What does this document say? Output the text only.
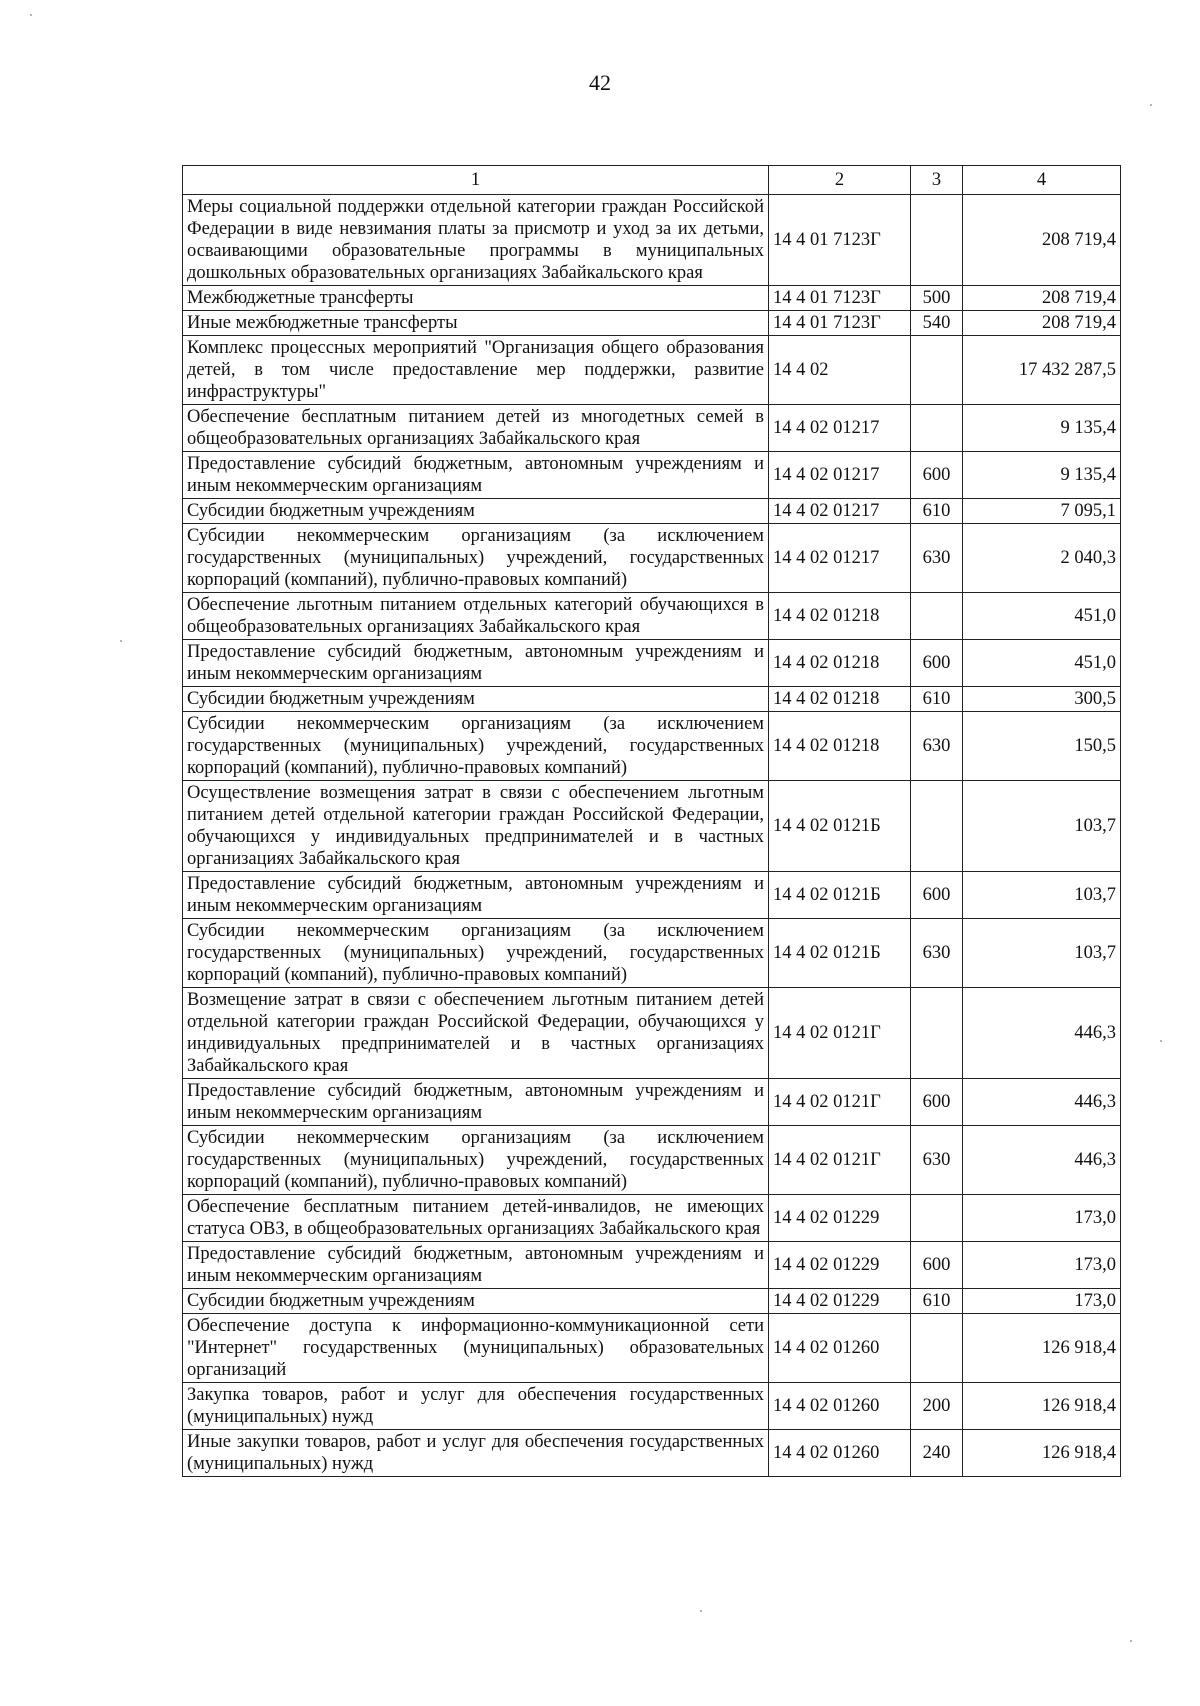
42
1	2	3	4
Меры социальной поддержки отдельной категории граждан Российской Федерации в виде невзимания платы за присмотр и уход за их детьми, осваивающими образовательные программы в муниципальных дошкольных образовательных организациях Забайкальского края	14 4 01 7123Г		208 719,4
Межбюджетные трансферты	14 4 01 7123Г	500	208 719,4
Иные межбюджетные трансферты	14 4 01 7123Г	540	208 719,4
Комплекс процессных мероприятий "Организация общего образования детей, в том числе предоставление мер поддержки, развитие инфраструктуры"	14 4 02		17 432 287,5
Обеспечение бесплатным питанием детей из многодетных семей в общеобразовательных организациях Забайкальского края	14 4 02 01217		9 135,4
Предоставление субсидий бюджетным, автономным учреждениям и иным некоммерческим организациям	14 4 02 01217	600	9 135,4
Субсидии бюджетным учреждениям	14 4 02 01217	610	7 095,1
Субсидии некоммерческим организациям (за исключением государственных (муниципальных) учреждений, государственных корпораций (компаний), публично-правовых компаний)	14 4 02 01217	630	2 040,3
Обеспечение льготным питанием отдельных категорий обучающихся в общеобразовательных организациях Забайкальского края	14 4 02 01218		451,0
Предоставление субсидий бюджетным, автономным учреждениям и иным некоммерческим организациям	14 4 02 01218	600	451,0
Субсидии бюджетным учреждениям	14 4 02 01218	610	300,5
Субсидии некоммерческим организациям (за исключением государственных (муниципальных) учреждений, государственных корпораций (компаний), публично-правовых компаний)	14 4 02 01218	630	150,5
Осуществление возмещения затрат в связи с обеспечением льготным питанием детей отдельной категории граждан Российской Федерации, обучающихся у индивидуальных предпринимателей и в частных организациях Забайкальского края	14 4 02 0121Б		103,7
Предоставление субсидий бюджетным, автономным учреждениям и иным некоммерческим организациям	14 4 02 0121Б	600	103,7
Субсидии некоммерческим организациям (за исключением государственных (муниципальных) учреждений, государственных корпораций (компаний), публично-правовых компаний)	14 4 02 0121Б	630	103,7
Возмещение затрат в связи с обеспечением льготным питанием детей отдельной категории граждан Российской Федерации, обучающихся у индивидуальных предпринимателей и в частных организациях Забайкальского края	14 4 02 0121Г		446,3
Предоставление субсидий бюджетным, автономным учреждениям и иным некоммерческим организациям	14 4 02 0121Г	600	446,3
Субсидии некоммерческим организациям (за исключением государственных (муниципальных) учреждений, государственных корпораций (компаний), публично-правовых компаний)	14 4 02 0121Г	630	446,3
Обеспечение бесплатным питанием детей-инвалидов, не имеющих статуса ОВЗ, в общеобразовательных организациях Забайкальского края	14 4 02 01229		173,0
Предоставление субсидий бюджетным, автономным учреждениям и иным некоммерческим организациям	14 4 02 01229	600	173,0
Субсидии бюджетным учреждениям	14 4 02 01229	610	173,0
Обеспечение доступа к информационно-коммуникационной сети "Интернет" государственных (муниципальных) образовательных организаций	14 4 02 01260		126 918,4
Закупка товаров, работ и услуг для обеспечения государственных (муниципальных) нужд	14 4 02 01260	200	126 918,4
Иные закупки товаров, работ и услуг для обеспечения государственных (муниципальных) нужд	14 4 02 01260	240	126 918,4
